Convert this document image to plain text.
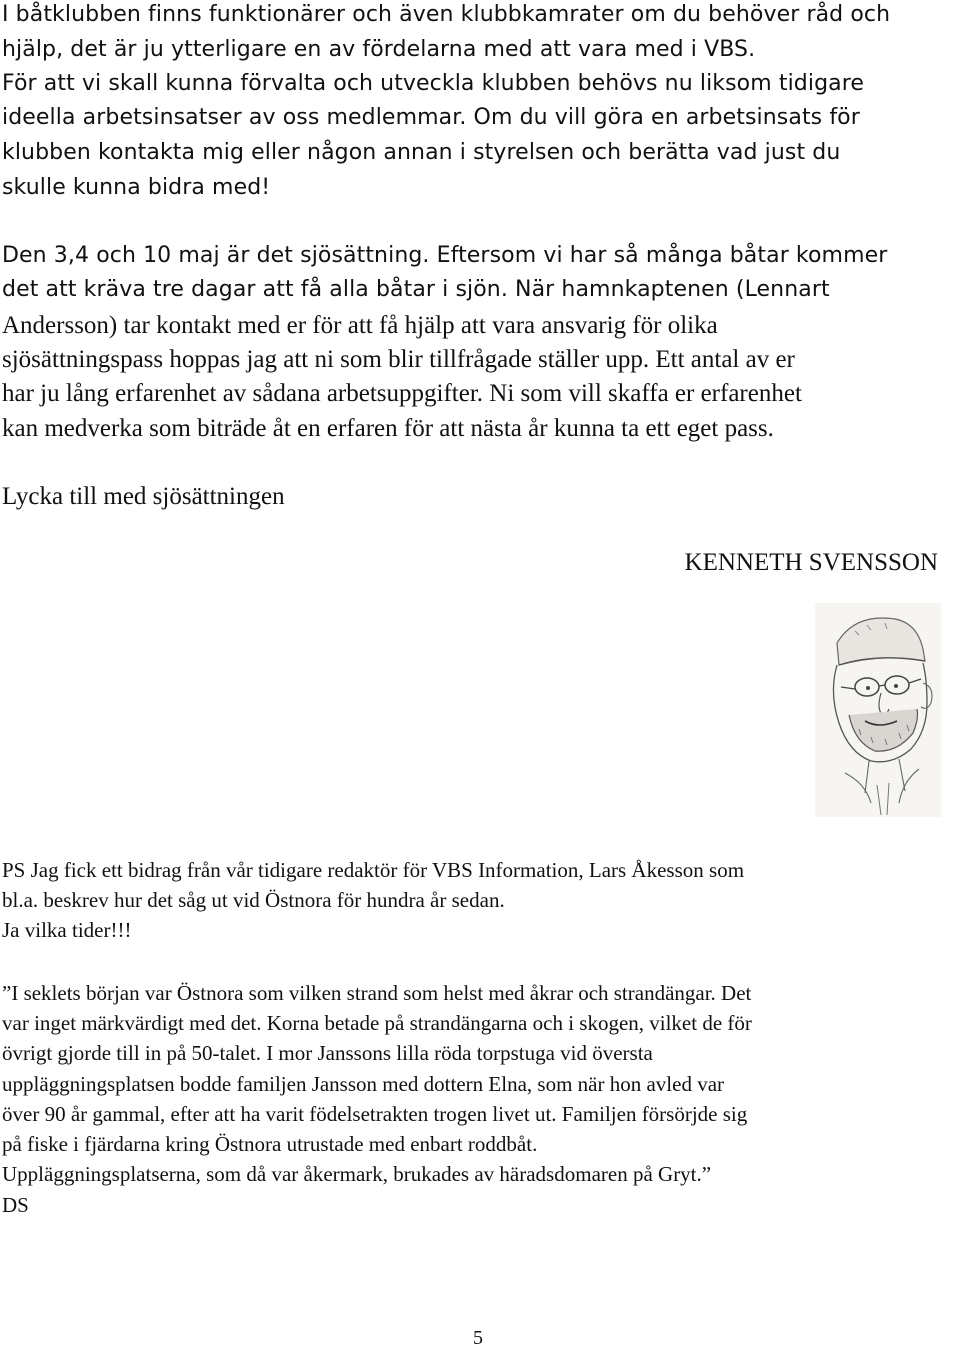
I båtklubben finns funktionärer och även klubbkamrater om du behöver råd och
hjälp, det är ju ytterligare en av fördelarna med att vara med i VBS.
För att vi skall kunna förvalta och utveckla klubben behövs nu liksom tidigare
ideella arbetsinsatser av oss medlemmar. Om du vill göra en arbetsinsats för
klubben kontakta mig eller någon annan i styrelsen och berätta vad just du
skulle kunna bidra med!
Den 3,4 och 10 maj är det sjösättning. Eftersom vi har så många båtar kommer
det att kräva tre dagar att få alla båtar i sjön. När hamnkaptenen (Lennart
Andersson) tar kontakt med er för att få hjälp att vara ansvarig för olika
sjösättningspass hoppas jag att ni som blir tillfrågade ställer upp. Ett antal av er
har ju lång erfarenhet av sådana arbetsuppgifter. Ni som vill skaffa er erfarenhet
kan medverka som biträde åt en erfaren för att nästa år kunna ta ett eget pass.
Lycka till med sjösättningen
KENNETH SVENSSON
PS Jag fick ett bidrag från vår tidigare redaktör för VBS Information, Lars Åkesson som
bl.a. beskrev hur det såg ut vid Östnora för hundra år sedan.
Ja vilka tider!!!
”I seklets början var Östnora som vilken strand som helst med åkrar och strandängar. Det
var inget märkvärdigt med det. Korna betade på strandängarna och i skogen, vilket de för
övrigt gjorde till in på 50-talet. I mor Janssons lilla röda torpstuga vid översta
uppläggningsplatsen bodde familjen Jansson med dottern Elna, som när hon avled var
över 90 år gammal, efter att ha varit födelsetrakten trogen livet ut. Familjen försörjde sig
på fiske i fjärdarna kring Östnora utrustade med enbart roddbåt.
Uppläggningsplatserna, som då var åkermark, brukades av häradsdomaren på Gryt.”
DS
5
